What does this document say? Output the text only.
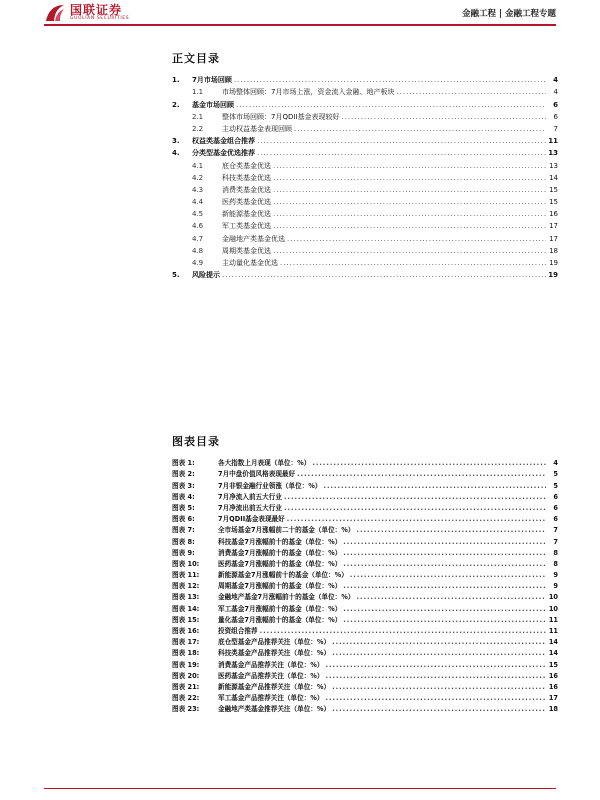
国联证券
GUOLIAN SECURITIES	金融工程 | 金融工程专题
正文目录
1.	7月市场回顾 .....	4
1.1	市场整体回顾：7月市场上涨，资金流入金融、地产板块 .....	4
2.	基金市场回顾 .....	6
2.1	整体市场回顾：7月QDII基金表现较好 .....	6
2.2	主动权益基金表现回顾 .....	7
3.	权益类基金组合推荐 .....	11
4.	分类型基金优选推荐 .....	13
4.1	底仓类基金优选 .....	13
4.2	科技类基金优选 .....	14
4.3	消费类基金优选 .....	15
4.4	医药类基金优选 .....	15
4.5	新能源基金优选 .....	16
4.6	军工类基金优选 .....	17
4.7	金融地产类基金优选 .....	17
4.8	周期类基金优选 .....	18
4.9	主动量化基金优选 .....	19
5.	风险提示 .....	19
图表目录
图表 1:	各大指数上月表现（单位：%） .....	4
图表 2:	7月中盘价值风格表现最好 .....	5
图表 3:	7月非银金融行业领涨（单位：%） .....	5
图表 4:	7月净流入前五大行业 .....	6
图表 5:	7月净流出前五大行业 .....	6
图表 6:	7月QDII基金表现最好 .....	6
图表 7:	全市场基金7月涨幅前二十的基金（单位：%） .....	7
图表 8:	科技基金7月涨幅前十的基金（单位：%） .....	7
图表 9:	消费基金7月涨幅前十的基金（单位：%） .....	8
图表 10:	医药基金7月涨幅前十的基金（单位：%） .....	8
图表 11:	新能源基金7月涨幅前十的基金（单位：%） .....	9
图表 12:	周期基金7月涨幅前十的基金（单位：%） .....	9
图表 13:	金融地产基金7月涨幅前十的基金（单位：%） .....	10
图表 14:	军工基金7月涨幅前十的基金（单位：%） .....	10
图表 15:	量化基金7月涨幅前十的基金（单位：%） .....	11
图表 16:	投资组合推荐 .....	11
图表 17:	底仓型基金产品推荐关注（单位：%） .....	14
图表 18:	科技类基金产品推荐关注（单位：%） .....	14
图表 19:	消费基金产品推荐关注（单位：%） .....	15
图表 20:	医药基金产品推荐关注（单位：%） .....	16
图表 21:	新能源基金产品推荐关注（单位：%） .....	16
图表 22:	军工基金产品推荐关注（单位：%） .....	17
图表 23:	金融地产类基金推荐关注（单位：%） .....	18
